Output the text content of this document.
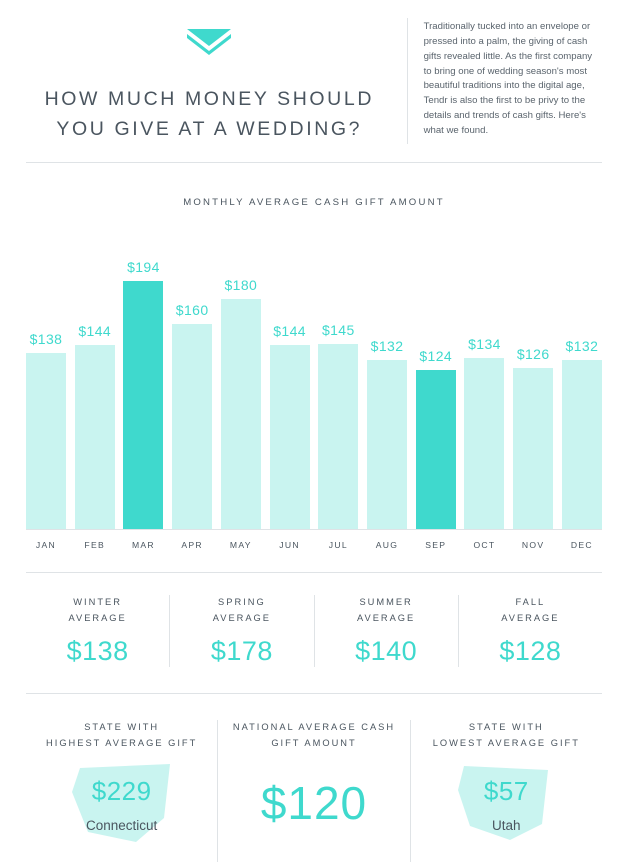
HOW MUCH MONEY SHOULD YOU GIVE AT A WEDDING?

Traditionally tucked into an envelope or pressed into a palm, the giving of cash gifts revealed little. As the first company to bring one of wedding season's most beautiful traditions into the digital age, Tendr is also the first to be privy to the details and trends of cash gifts. Here's what we found.

MONTHLY AVERAGE CASH GIFT AMOUNT
$138 $144
$194
$160
$180
$144 $145
$132
$124
$134
$126 $132
JAN	FEB	MAR	APR	MAY	JUN	JUL	AUG	SEP	OCT	NOV	DEC
WINTER
AVERAGE
$138
SPRING
AVERAGE
$178
SUMMER
AVERAGE
$140
FALL
AVERAGE
$128
STATE WITH
HIGHEST AVERAGE GIFT
$229
Connecticut
NATIONAL AVERAGE CASH
GIFT AMOUNT
$120
STATE WITH
LOWEST AVERAGE GIFT
$57
Utah
